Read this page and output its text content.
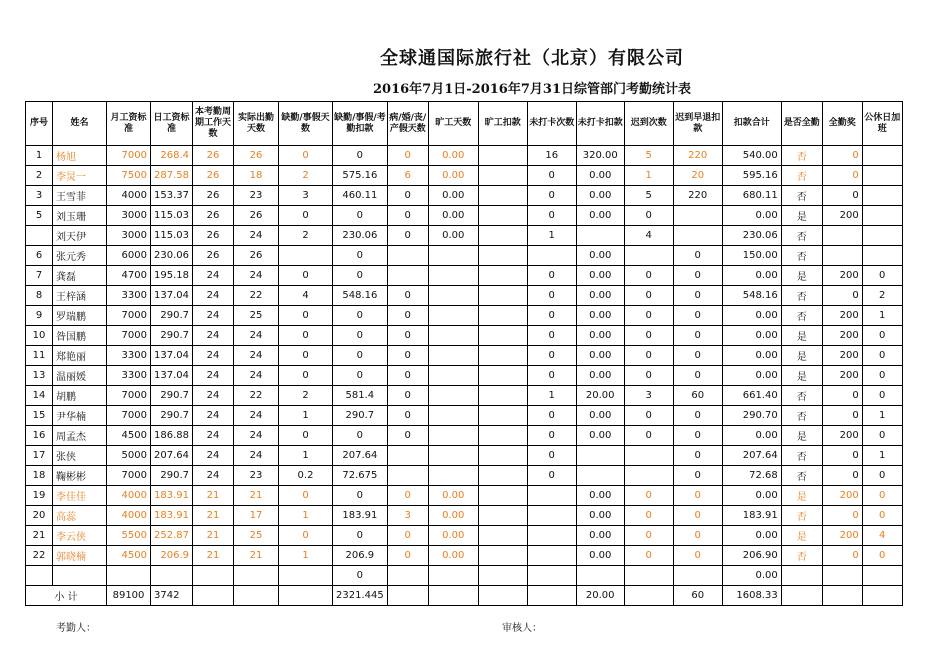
全球通国际旅行社（北京）有限公司
2016年7月1日-2016年7月31日综管部门考勤统计表
序号	姓名	月工资标准	日工资标准	本考勤周期工作天数	实际出勤天数	缺勤/事假天数	缺勤/事假/考勤扣款	病/婚/丧/产假天数	旷工天数	旷工扣款	未打卡次数	未打卡扣款	迟到次数	迟到早退扣款	扣款合计	是否全勤	全勤奖	公休日加班
1	杨旭	7000	268.4	26	26	0	0	0	0.00		16	320.00	5	220	540.00	否	0	
2	李炅一	7500	287.58	26	18	2	575.16	6	0.00		0	0.00	1	20	595.16	否	0	
3	王雪菲	4000	153.37	26	23	3	460.11	0	0.00		0	0.00	5	220	680.11	否	0	
5	刘玉珊	3000	115.03	26	26	0	0	0	0.00		0	0.00	0		0.00	是	200	
	刘天伊	3000	115.03	26	24	2	230.06	0	0.00		1		4		230.06	否		
6	张元秀	6000	230.06	26	26		0					0.00		0	150.00	否		
7	龚磊	4700	195.18	24	24	0	0				0	0.00	0	0	0.00	是	200	0
8	王梓涵	3300	137.04	24	22	4	548.16	0			0	0.00	0	0	548.16	否	0	2
9	罗瑞鹏	7000	290.7	24	25	0	0	0			0	0.00	0	0	0.00	否	200	1
10	昝国鹏	7000	290.7	24	24	0	0	0			0	0.00	0	0	0.00	是	200	0
11	郑艳丽	3300	137.04	24	24	0	0	0			0	0.00	0	0	0.00	是	200	0
13	温丽媛	3300	137.04	24	24	0	0	0			0	0.00	0	0	0.00	是	200	0
14	胡鹏	7000	290.7	24	22	2	581.4	0			1	20.00	3	60	661.40	否	0	0
15	尹华楠	7000	290.7	24	24	1	290.7	0			0	0.00	0	0	290.70	否	0	1
16	周孟杰	4500	186.88	24	24	0	0	0			0	0.00	0	0	0.00	是	200	0
17	张侠	5000	207.64	24	24	1	207.64				0			0	207.64	否	0	1
18	鞠彬彬	7000	290.7	24	23	0.2	72.675				0			0	72.68	否	0	0
19	李佳佳	4000	183.91	21	21	0	0	0	0.00			0.00	0	0	0.00	是	200	0
20	高蕊	4000	183.91	21	17	1	183.91	3	0.00			0.00	0	0	183.91	否	0	0
21	李云侠	5500	252.87	21	25	0	0	0	0.00			0.00	0	0	0.00	是	200	4
22	郭晓楠	4500	206.9	21	21	1	206.9	0	0.00			0.00	0	0	206.90	否	0	0
							0								0.00			
小 计		89100	3742				2321.445					20.00		60	1608.33			
考勤人：	审核人：
